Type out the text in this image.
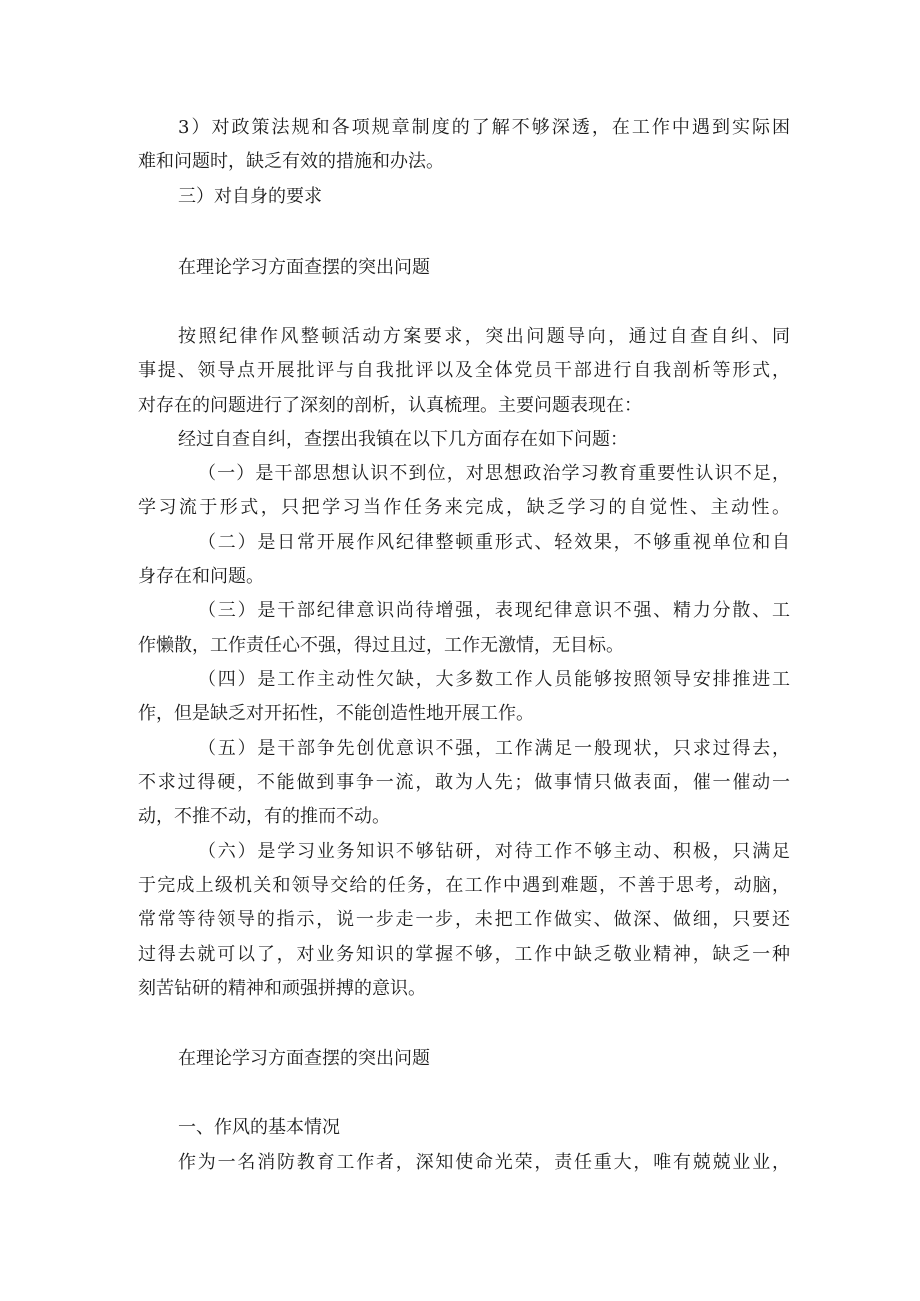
3）对政策法规和各项规章制度的了解不够深透，在工作中遇到实际困
难和问题时，缺乏有效的措施和办法。
三）对自身的要求
在理论学习方面查摆的突出问题
按照纪律作风整顿活动方案要求，突出问题导向，通过自查自纠、同
事提、领导点开展批评与自我批评以及全体党员干部进行自我剖析等形式，
对存在的问题进行了深刻的剖析，认真梳理。主要问题表现在：
经过自查自纠，查摆出我镇在以下几方面存在如下问题：
（一）是干部思想认识不到位，对思想政治学习教育重要性认识不足，
学习流于形式，只把学习当作任务来完成，缺乏学习的自觉性、主动性。
（二）是日常开展作风纪律整顿重形式、轻效果，不够重视单位和自
身存在和问题。
（三）是干部纪律意识尚待增强，表现纪律意识不强、精力分散、工
作懒散，工作责任心不强，得过且过，工作无激情，无目标。
（四）是工作主动性欠缺，大多数工作人员能够按照领导安排推进工
作，但是缺乏对开拓性，不能创造性地开展工作。
（五）是干部争先创优意识不强，工作满足一般现状，只求过得去，
不求过得硬，不能做到事争一流，敢为人先；做事情只做表面，催一催动一
动，不推不动，有的推而不动。
（六）是学习业务知识不够钻研，对待工作不够主动、积极，只满足
于完成上级机关和领导交给的任务，在工作中遇到难题，不善于思考，动脑，
常常等待领导的指示，说一步走一步，未把工作做实、做深、做细，只要还
过得去就可以了，对业务知识的掌握不够，工作中缺乏敬业精神，缺乏一种
刻苦钻研的精神和顽强拼搏的意识。
在理论学习方面查摆的突出问题
一、作风的基本情况
作为一名消防教育工作者，深知使命光荣，责任重大，唯有兢兢业业，
